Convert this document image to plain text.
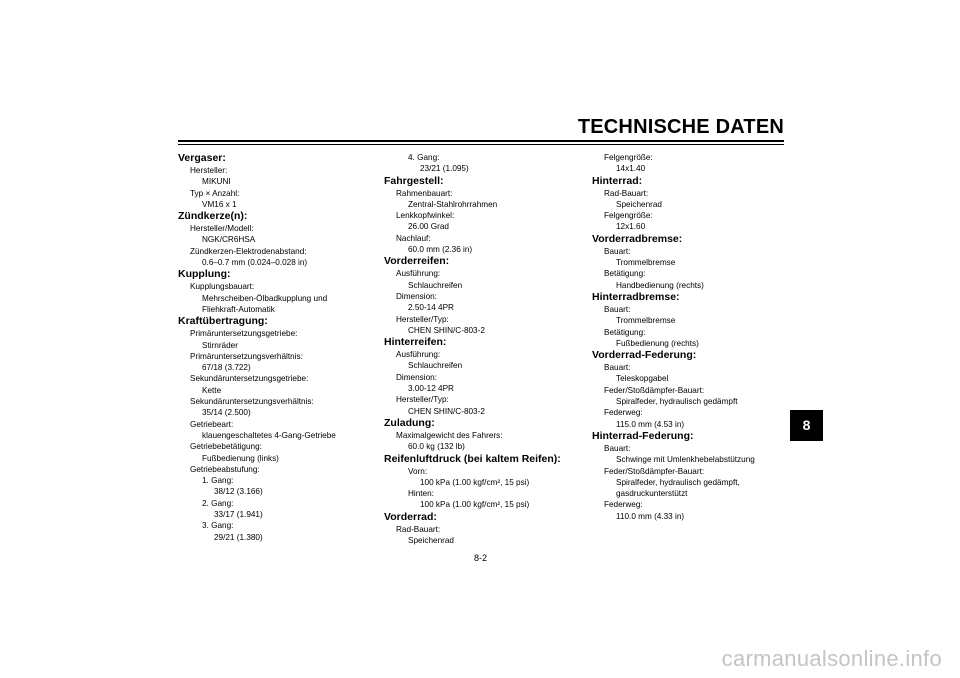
TECHNISCHE DATEN
Vergaser:
Hersteller:
MIKUNI
Typ × Anzahl:
VM16 x 1
Zündkerze(n):
Hersteller/Modell:
NGK/CR6HSA
Zündkerzen-Elektrodenabstand:
0.6–0.7 mm (0.024–0.028 in)
Kupplung:
Kupplungsbauart:
Mehrscheiben-Ölbadkupplung und
Fliehkraft-Automatik
Kraftübertragung:
Primäruntersetzungsgetriebe:
Stirnräder
Primäruntersetzungsverhältnis:
67/18 (3.722)
Sekundäruntersetzungsgetriebe:
Kette
Sekundäruntersetzungsverhältnis:
35/14 (2.500)
Getriebeart:
klauengeschaltetes 4-Gang-Getriebe
Getriebebetätigung:
Fußbedienung (links)
Getriebeabstufung:
1. Gang:
38/12 (3.166)
2. Gang:
33/17 (1.941)
3. Gang:
29/21 (1.380)
4. Gang:
23/21 (1.095)
Fahrgestell:
Rahmenbauart:
Zentral-Stahlrohrrahmen
Lenkkopfwinkel:
26.00 Grad
Nachlauf:
60.0 mm (2.36 in)
Vorderreifen:
Ausführung:
Schlauchreifen
Dimension:
2.50-14 4PR
Hersteller/Typ:
CHEN SHIN/C-803-2
Hinterreifen:
Ausführung:
Schlauchreifen
Dimension:
3.00-12 4PR
Hersteller/Typ:
CHEN SHIN/C-803-2
Zuladung:
Maximalgewicht des Fahrers:
60.0 kg (132 lb)
Reifenluftdruck (bei kaltem Reifen):
Vorn:
100 kPa (1.00 kgf/cm², 15 psi)
Hinten:
100 kPa (1.00 kgf/cm², 15 psi)
Vorderrad:
Rad-Bauart:
Speichenrad
Felgengröße:
14x1.40
Hinterrad:
Rad-Bauart:
Speichenrad
Felgengröße:
12x1.60
Vorderradbremse:
Bauart:
Trommelbremse
Betätigung:
Handbedienung (rechts)
Hinterradbremse:
Bauart:
Trommelbremse
Betätigung:
Fußbedienung (rechts)
Vorderrad-Federung:
Bauart:
Teleskopgabel
Feder/Stoßdämpfer-Bauart:
Spiralfeder, hydraulisch gedämpft
Federweg:
115.0 mm (4.53 in)
Hinterrad-Federung:
Bauart:
Schwinge mit Umlenkhebelabstützung
Feder/Stoßdämpfer-Bauart:
Spiralfeder, hydraulisch gedämpft,
gasdruckunterstützt
Federweg:
110.0 mm (4.33 in)
8-2
8
carmanualsonline.info
